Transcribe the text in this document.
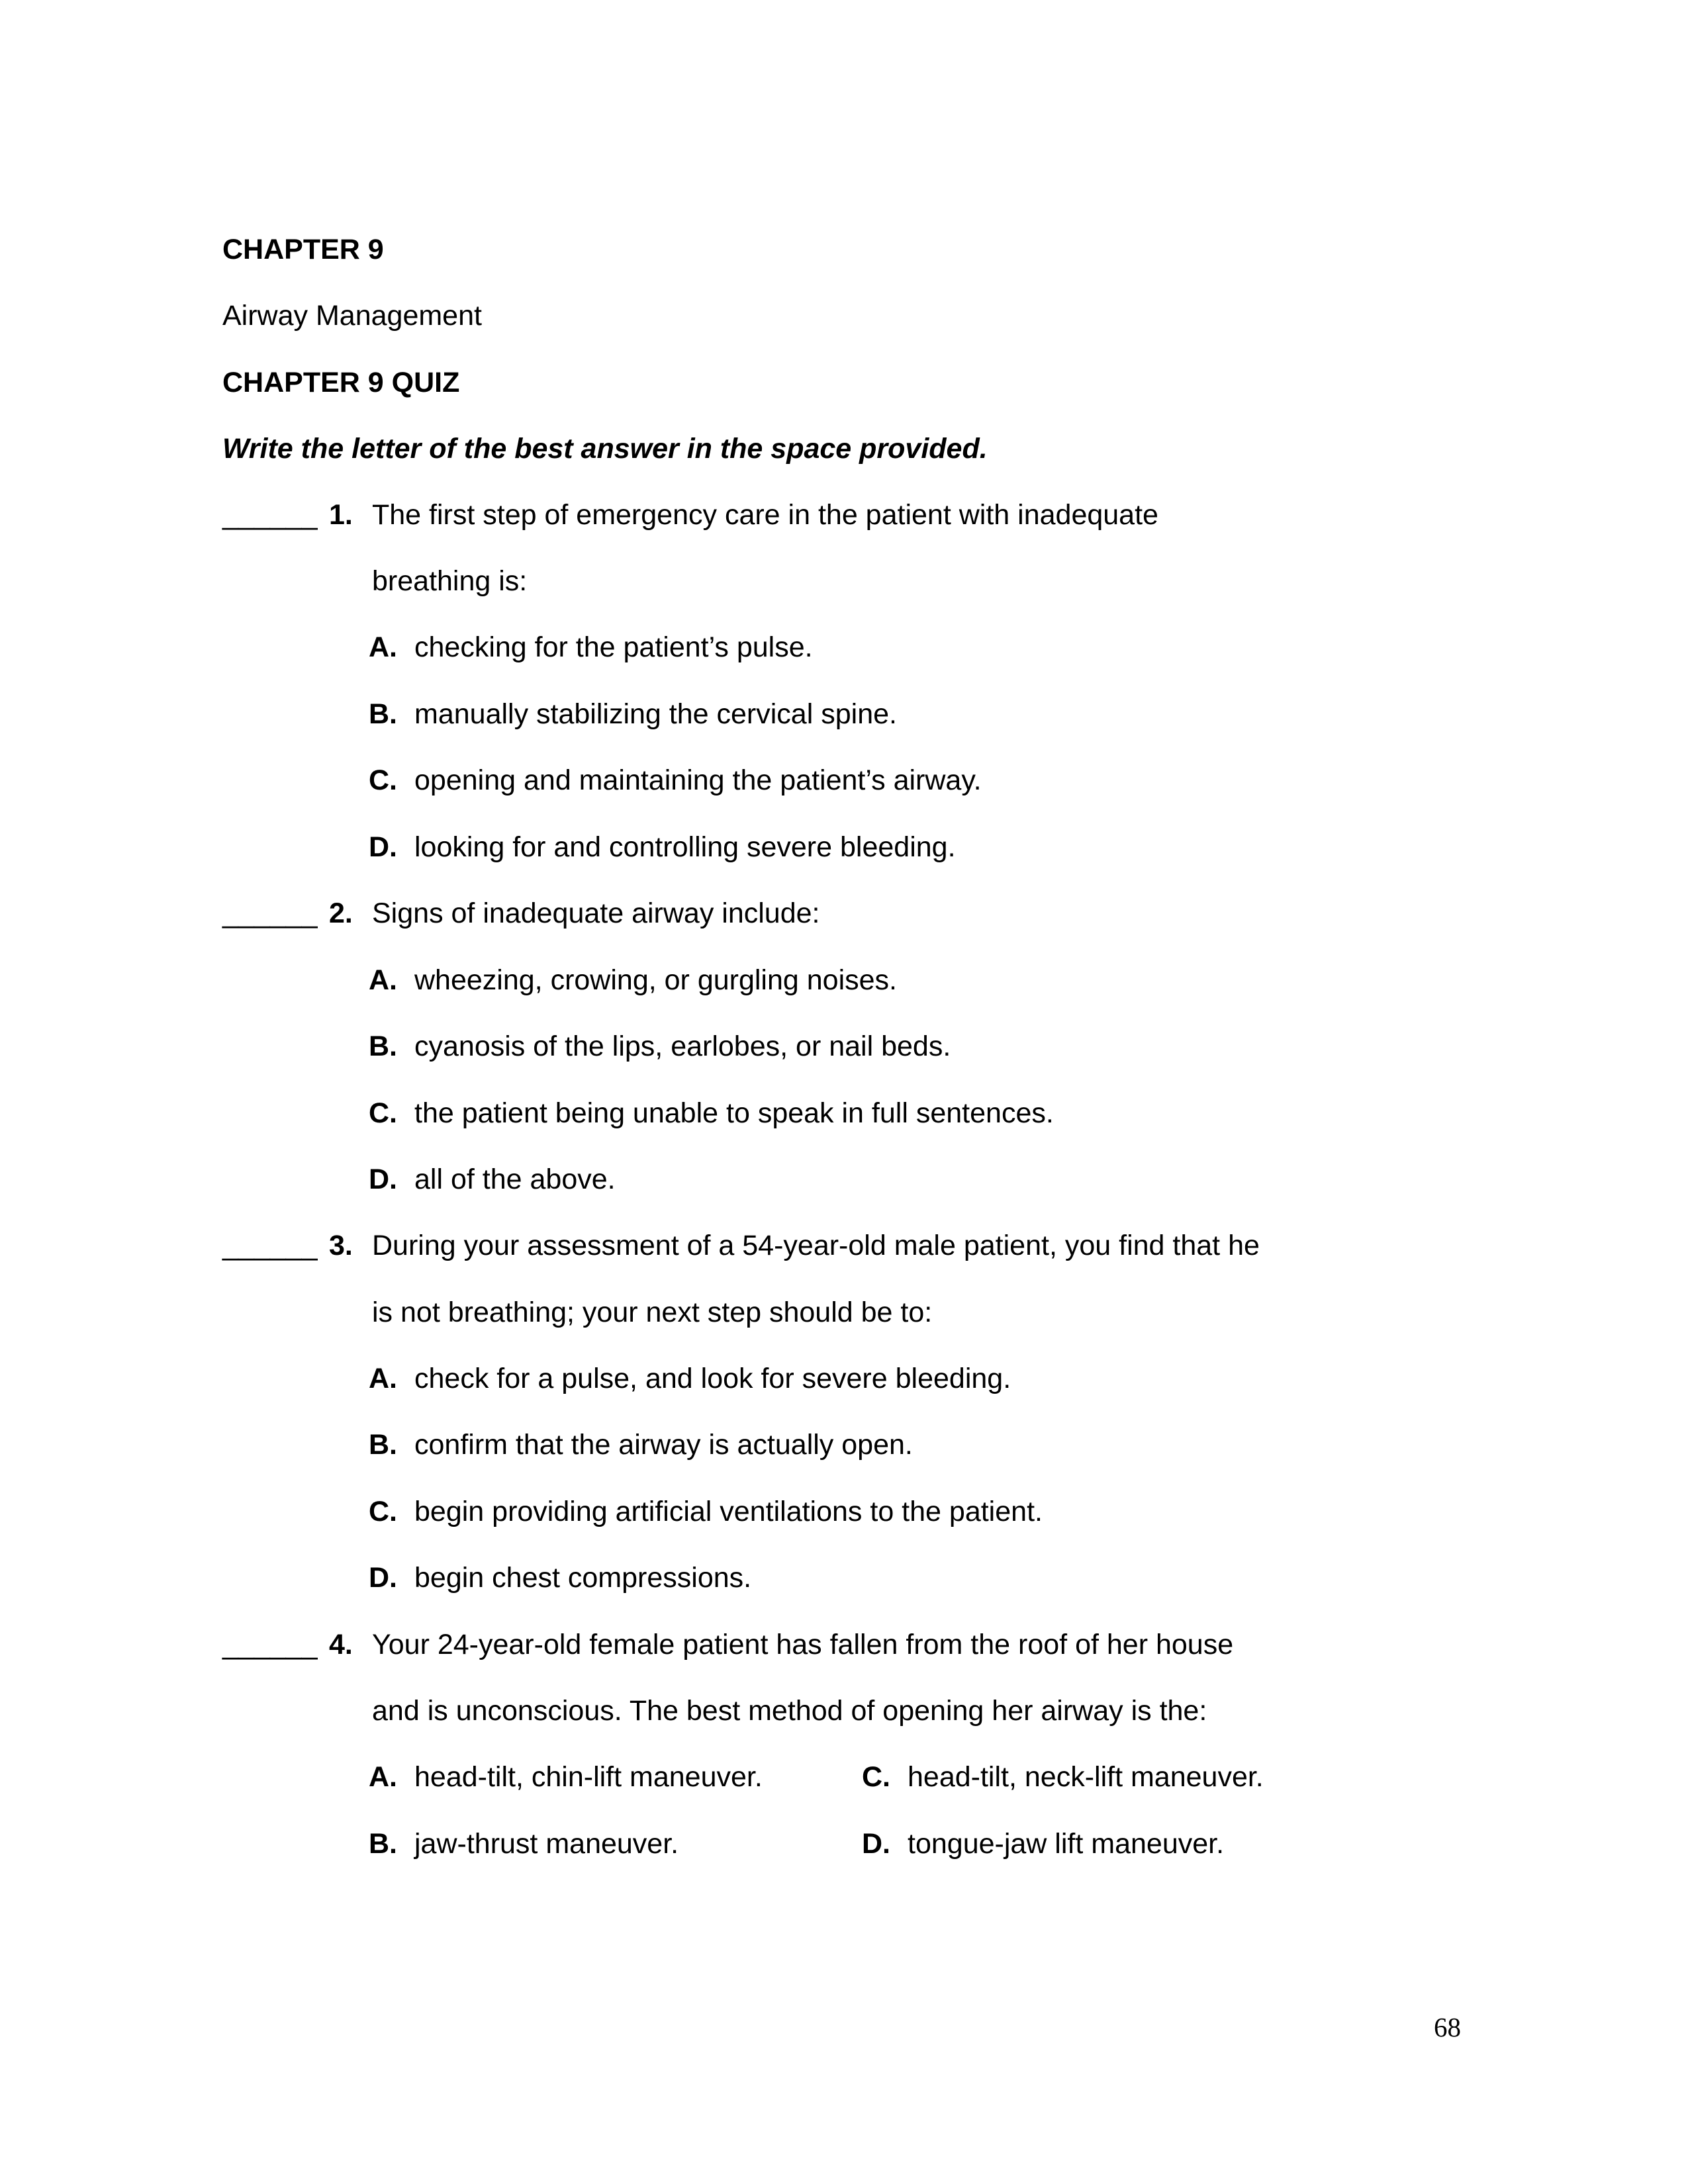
CHAPTER 9
Airway Management
CHAPTER 9 QUIZ
Write the letter of the best answer in the space provided.
______ 1. The first step of emergency care in the patient with inadequate
breathing is:
A. checking for the patient’s pulse.
B. manually stabilizing the cervical spine.
C. opening and maintaining the patient’s airway.
D. looking for and controlling severe bleeding.
______ 2. Signs of inadequate airway include:
A. wheezing, crowing, or gurgling noises.
B. cyanosis of the lips, earlobes, or nail beds.
C. the patient being unable to speak in full sentences.
D. all of the above.
______ 3. During your assessment of a 54-year-old male patient, you find that he
is not breathing; your next step should be to:
A. check for a pulse, and look for severe bleeding.
B. confirm that the airway is actually open.
C. begin providing artificial ventilations to the patient.
D. begin chest compressions.
______ 4. Your 24-year-old female patient has fallen from the roof of her house
and is unconscious. The best method of opening her airway is the:
A. head-tilt, chin-lift maneuver.	C. head-tilt, neck-lift maneuver.
B. jaw-thrust maneuver.	D. tongue-jaw lift maneuver.
68
